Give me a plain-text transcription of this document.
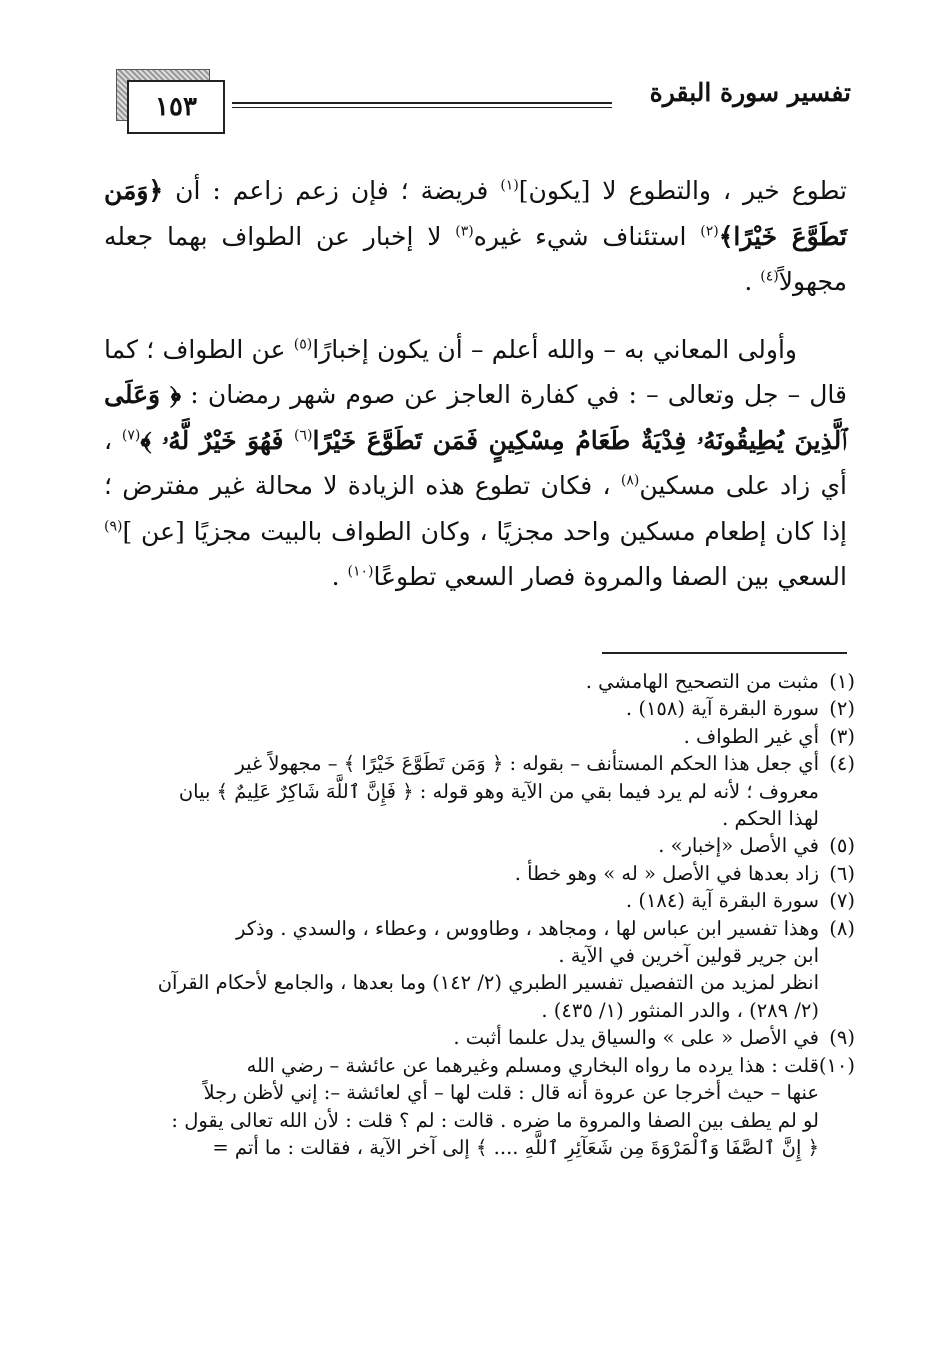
١٥٣	تفسير سورة البقرة

تطوع خير ، والتطوع لا [يكون]$^{(١)}$ فريضة ؛ فإن زعم زاعم : أن ﴿وَمَن تَطَوَّعَ خَيْرًا﴾$^{(٢)}$ استئناف شيء غيره$^{(٣)}$ لا إخبار عن الطواف بهما جعله مجهولاً$^{(٤)}$ .

وأولى المعاني به – والله أعلم – أن يكون إخبارًا$^{(٥)}$ عن الطواف ؛ كما قال – جل وتعالى – : في كفارة العاجز عن صوم شهر رمضان : ﴿ وَعَلَى ٱلَّذِينَ يُطِيقُونَهُۥ فِدْيَةٌ طَعَامُ مِسْكِينٍ فَمَن تَطَوَّعَ خَيْرًا$^{(٦)}$ فَهُوَ خَيْرٌ لَّهُۥ ﴾$^{(٧)}$ ، أي زاد على مسكين$^{(٨)}$ ، فكان تطوع هذه الزيادة لا محالة غير مفترض ؛ إذا كان إطعام مسكين واحد مجزيًا ، وكان الطواف بالبيت مجزيًا [عن ]$^{(٩)}$ السعي بين الصفا والمروة فصار السعي تطوعًا$^{(١٠)}$ .

(١)
مثبت من التصحيح الهامشي .
(٢)
سورة البقرة آية (١٥٨) .
(٣)
أي غير الطواف .
(٤)
أي جعل هذا الحكم المستأنف – بقوله : ﴿ وَمَن تَطَوَّعَ خَيْرًا ﴾ – مجهولاً غير
معروف ؛ لأنه لم يرد فيما بقي من الآية وهو قوله : ﴿ فَإِنَّ ٱللَّهَ شَاكِرٌ عَلِيمٌ ﴾ بيان
لهذا الحكم .
(٥)
في الأصل «إخبار» .
(٦)
زاد بعدها في الأصل « له » وهو خطأ .
(٧)
سورة البقرة آية (١٨٤) .
(٨)
وهذا تفسير ابن عباس لها ، ومجاهد ، وطاووس ، وعطاء ، والسدي . وذكر
ابن جرير قولين آخرين في الآية .
انظر لمزيد من التفصيل تفسير الطبري (٢/ ١٤٢) وما بعدها ، والجامع لأحكام القرآن
(٢/ ٢٨٩) ، والدر المنثور (١/ ٤٣٥) .
(٩)
في الأصل « على » والسياق يدل علىما أثبت .
(١٠)
قلت : هذا يرده ما رواه البخاري ومسلم وغيرهما عن عائشة – رضي الله
عنها – حيث أخرجا عن عروة أنه قال : قلت لها – أي لعائشة –: إني لأظن رجلاً
لو لم يطف بين الصفا والمروة ما ضره . قالت : لم ؟ قلت : لأن الله تعالى يقول :
﴿ إِنَّ ٱلصَّفَا وَٱلْمَرْوَةَ مِن شَعَآئِرِ ٱللَّهِ .... ﴾ إلى آخر الآية ، فقالت : ما أتم =
